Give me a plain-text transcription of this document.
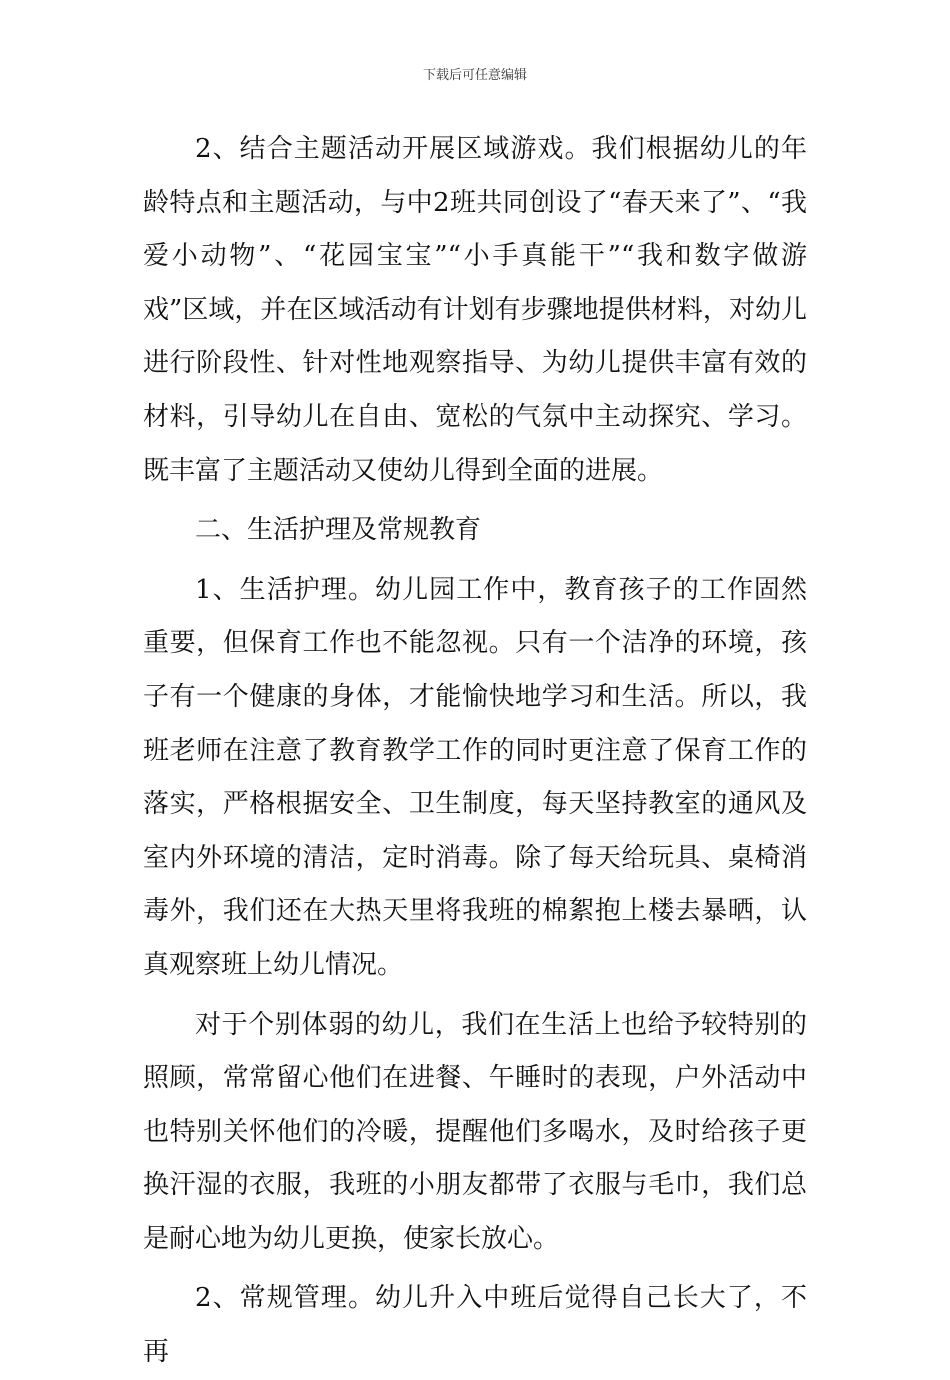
下载后可任意编辑

2、结合主题活动开展区域游戏。我们根据幼儿的年龄特点和主题活动，与中2班共同创设了“春天来了”、“我爱小动物”、“花园宝宝”“小手真能干”“我和数字做游戏”区域，并在区域活动有计划有步骤地提供材料，对幼儿进行阶段性、针对性地观察指导、为幼儿提供丰富有效的材料，引导幼儿在自由、宽松的气氛中主动探究、学习。既丰富了主题活动又使幼儿得到全面的进展。

二、生活护理及常规教育

1、生活护理。幼儿园工作中，教育孩子的工作固然重要，但保育工作也不能忽视。只有一个洁净的环境，孩子有一个健康的身体，才能愉快地学习和生活。所以，我班老师在注意了教育教学工作的同时更注意了保育工作的落实，严格根据安全、卫生制度，每天坚持教室的通风及室内外环境的清洁，定时消毒。除了每天给玩具、桌椅消毒外，我们还在大热天里将我班的棉絮抱上楼去暴晒，认真观察班上幼儿情况。

对于个别体弱的幼儿，我们在生活上也给予较特别的照顾，常常留心他们在进餐、午睡时的表现，户外活动中也特别关怀他们的冷暖，提醒他们多喝水，及时给孩子更换汗湿的衣服，我班的小朋友都带了衣服与毛巾，我们总是耐心地为幼儿更换，使家长放心。

2、常规管理。幼儿升入中班后觉得自己长大了，不再
